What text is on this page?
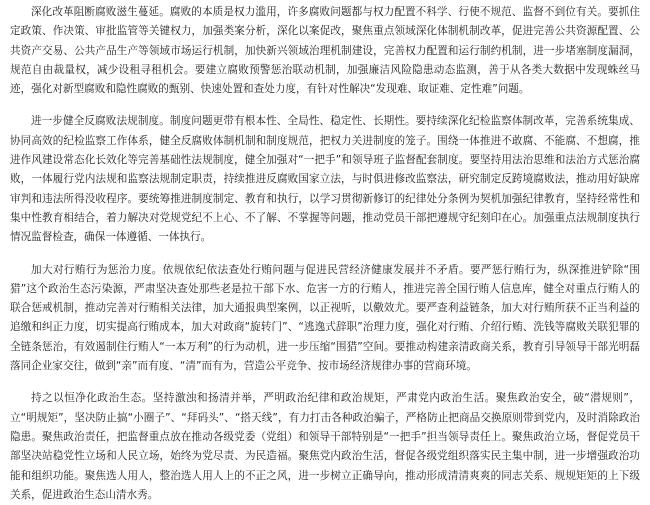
深化改革阻断腐败滋生蔓延。腐败的本质是权力滥用，许多腐败问题都与权力配置不科学、行使不规范、监督不到位有关。要抓住定政策、作决策、审批监管等关键权力，加强类案分析，深化以案促改，聚焦重点领域深化体制机制改革，促进完善公共资源配置、公共资产交易、公共产品生产等领域市场运行机制，加快新兴领域治理机制建设，完善权力配置和运行制约机制，进一步堵塞制度漏洞，规范自由裁量权，减少设租寻租机会。要建立腐败预警惩治联动机制，加强廉洁风险隐患动态监测，善于从各类大数据中发现蛛丝马迹，强化对新型腐败和隐性腐败的甄别、快速处置和查处力度，有针对性解决“发现难、取证难、定性难”问题。

进一步健全反腐败法规制度。制度问题更带有根本性、全局性、稳定性、长期性。要持续深化纪检监察体制改革，完善系统集成、协同高效的纪检监察工作体系，健全反腐败体制机制和制度规范，把权力关进制度的笼子。围绕一体推进不敢腐、不能腐、不想腐，推进作风建设常态化长效化等完善基础性法规制度，健全加强对“一把手”和领导班子监督配套制度。要坚持用法治思维和法治方式惩治腐败，一体履行党内法规和监察法规制定职责，持续推进反腐败国家立法，与时俱进修改监察法，研究制定反跨境腐败法，推动用好缺席审判和违法所得没收程序。要统筹推进制度制定、教育和执行，以学习贯彻新修订的纪律处分条例为契机加强纪律教育，坚持经常性和集中性教育相结合，着力解决对党规党纪不上心、不了解、不掌握等问题，推动党员干部把遵规守纪刻印在心。加强重点法规制度执行情况监督检查，确保一体遵循、一体执行。

加大对行贿行为惩治力度。依规依纪依法查处行贿问题与促进民营经济健康发展并不矛盾。要严惩行贿行为，纵深推进铲除“围猎”这个政治生态污染源，严肃坚决查处那些老是拉干部下水、危害一方的行贿人，推进完善全国行贿人信息库，健全对重点行贿人的联合惩戒机制，推动完善对行贿相关法律，加大通报典型案例，以正视听，以儆效尤。要严查利益链条，加大对行贿所获不正当利益的追缴和纠正力度，切实提高行贿成本，加大对政商“旋转门”、“逃逸式辞职”治理力度，强化对行贿、介绍行贿、洗钱等腐败关联犯罪的全链条惩治，有效遏制住行贿人“一本万利”的行为动机，进一步压缩“围猎”空间。要推动构建亲清政商关系，教育引导领导干部光明磊落同企业家交往，做到“亲”而有度、“清”而有为，营造公平竞争、按市场经济规律办事的营商环境。

持之以恒净化政治生态。坚持激浊和扬清并举，严明政治纪律和政治规矩，严肃党内政治生活。聚焦政治安全，破“潜规则”，立“明规矩”，坚决防止搞“小圈子”、“拜码头”、“搭天线”，有力打击各种政治骗子，严格防止把商品交换原则带到党内，及时消除政治隐患。聚焦政治责任，把监督重点放在推动各级党委（党组）和领导干部特别是“一把手”担当领导责任上。聚焦政治立场，督促党员干部坚决站稳党性立场和人民立场，始终为党尽责、为民造福。聚焦党内政治生活，督促各级党组织落实民主集中制，进一步增强政治功能和组织功能。聚焦选人用人，整治选人用人上的不正之风，进一步树立正确导向，推动形成清清爽爽的同志关系、规规矩矩的上下级关系，促进政治生态山清水秀。
